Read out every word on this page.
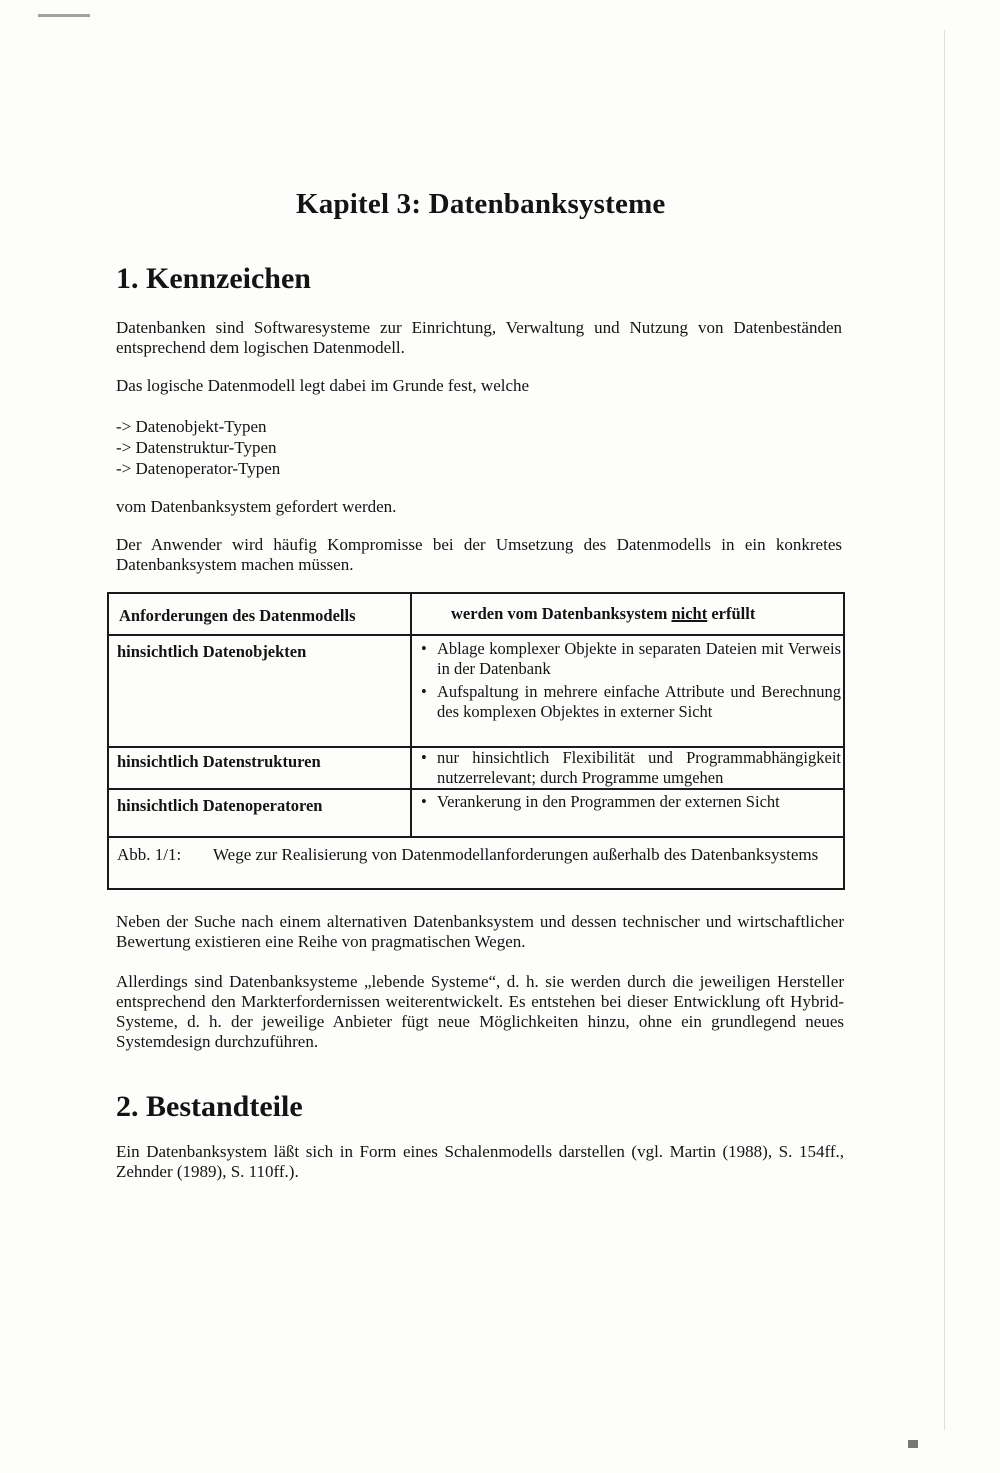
Kapitel 3: Datenbanksysteme
1. Kennzeichen

Datenbanken sind Softwaresysteme zur Einrichtung, Verwaltung und Nutzung von Datenbeständen entsprechend dem logischen Datenmodell.

Das logische Datenmodell legt dabei im Grunde fest, welche

-> Datenobjekt-Typen
-> Datenstruktur-Typen
-> Datenoperator-Typen

vom Datenbanksystem gefordert werden.

Der Anwender wird häufig Kompromisse bei der Umsetzung des Datenmodells in ein konkretes Datenbanksystem machen müssen.

Anforderungen des Datenmodells	werden vom Datenbanksystem nicht erfüllt
hinsichtlich Datenobjekten	• Ablage komplexer Objekte in separaten Dateien mit Verweis in der Datenbank
• Aufspaltung in mehrere einfache Attribute und Berechnung des komplexen Objektes in externer Sicht
hinsichtlich Datenstrukturen	• nur hinsichtlich Flexibilität und Programmabhängigkeit nutzerrelevant; durch Programme umgehen
hinsichtlich Datenoperatoren	• Verankerung in den Programmen der externen Sicht
Abb. 1/1: Wege zur Realisierung von Datenmodellanforderungen außerhalb des Datenbanksystems

Neben der Suche nach einem alternativen Datenbanksystem und dessen technischer und wirtschaftlicher Bewertung existieren eine Reihe von pragmatischen Wegen.

Allerdings sind Datenbanksysteme „lebende Systeme“, d. h. sie werden durch die jeweiligen Hersteller entsprechend den Markterfordernissen weiterentwickelt. Es entstehen bei dieser Entwicklung oft Hybrid-Systeme, d. h. der jeweilige Anbieter fügt neue Möglichkeiten hinzu, ohne ein grundlegend neues Systemdesign durchzuführen.

2. Bestandteile

Ein Datenbanksystem läßt sich in Form eines Schalenmodells darstellen (vgl. Martin (1988), S. 154ff., Zehnder (1989), S. 110ff.).
